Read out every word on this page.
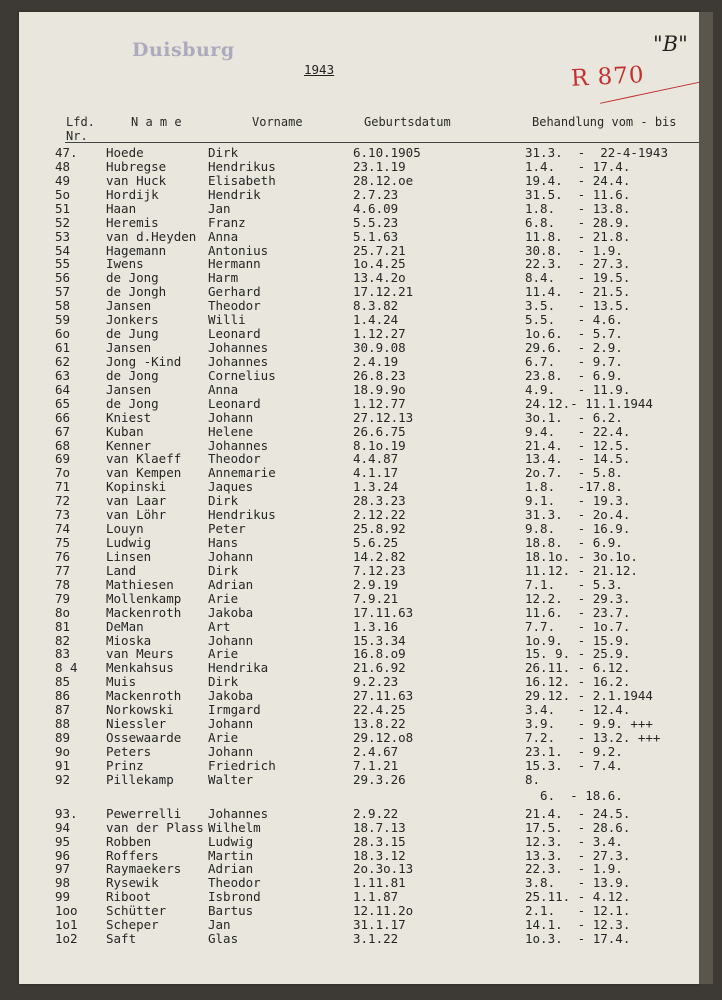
Duisburg
1943	R 870
"B"
Lfd.
Nr.
N a m e	Vorname	Geburtsdatum	Behandlung vom - bis
47. Hoede	Dirk	6.10.1905	31.3.  -  22-4-1943
48	Hubregse	Hendrikus	23.1.19	1.4.   - 17.4.
49	van Huck	Elisabeth	28.12.oe	19.4.  - 24.4.
5o	Hordijk	Hendrik	2.7.23	31.5.  - 11.6.
51	Haan	Jan	4.6.09	1.8.   - 13.8.
52	Heremis	Franz	5.5.23	6.8.   - 28.9.
53	van d.Heyden Anna	5.1.63	11.8.  - 21.8.
54	Hagemann	Antonius	25.7.21	30.8.  - 1.9.
55	Iwens	Hermann	1o.4.25	22.3.  - 27.3.
56	de Jong	Harm	13.4.2o	8.4.   - 19.5.
57	de Jongh	Gerhard	17.12.21	11.4.  - 21.5.
58	Jansen	Theodor	8.3.82	3.5.   - 13.5.
59	Jonkers	Willi	1.4.24	5.5.   - 4.6.
6o	de Jung	Leonard	1.12.27	1o.6.  - 5.7.
61	Jansen	Johannes	30.9.08	29.6.  - 2.9.
62	Jong -Kind Johannes	2.4.19	6.7.   - 9.7.
63	de Jong	Cornelius	26.8.23	23.8.  - 6.9.
64	Jansen	Anna	18.9.9o	4.9.   - 11.9.
65	de Jong	Leonard	1.12.77	24.12.- 11.1.1944
66	Kniest	Johann	27.12.13	3o.1.  - 6.2.
67	Kuban	Helene	26.6.75	9.4.   - 22.4.
68	Kenner	Johannes	8.1o.19	21.4.  - 12.5.
69	van Klaeff Theodor	4.4.87	13.4.  - 14.5.
7o	van Kempen Annemarie	4.1.17	2o.7.  - 5.8.
71	Kopinski	Jaques	1.3.24	1.8.   -17.8.
72	van Laar	Dirk	28.3.23	9.1.   - 19.3.
73	van Löhr	Hendrikus	2.12.22	31.3.  - 2o.4.
74	Louyn	Peter	25.8.92	9.8.   - 16.9.
75	Ludwig	Hans	5.6.25	18.8.  - 6.9.
76	Linsen	Johann	14.2.82	18.1o. - 3o.1o.
77	Land	Dirk	7.12.23	11.12. - 21.12.
78	Mathiesen	Adrian	2.9.19	7.1.   - 5.3.
79	Mollenkamp Arie	7.9.21	12.2.  - 29.3.
8o	Mackenroth Jakoba	17.11.63	11.6.  - 23.7.
81	DeMan	Art	1.3.16	7.7.   - 1o.7.
82	Mioska	Johann	15.3.34	1o.9.  - 15.9.
83	van Meurs	Arie	16.8.o9	15. 9. - 25.9.
8 4 Menkahsus	Hendrika	21.6.92	26.11. - 6.12.
85	Muis	Dirk	9.2.23	16.12. - 16.2.
86	Mackenroth Jakoba	27.11.63	29.12. - 2.1.1944
87	Norkowski	Irmgard	22.4.25	3.4.   - 12.4.
88	Niessler	Johann	13.8.22	3.9.   - 9.9. +++
89	Ossewaarde Arie	29.12.o8	7.2.   - 13.2. +++
9o	Peters	Johann	2.4.67	23.1.  - 9.2.
91	Prinz	Friedrich	7.1.21	15.3.  - 7.4.
92	Pillekamp	Walter	29.3.26	8.
6.  - 18.6.
93. Pewerrelli Johannes	2.9.22	21.4.  - 24.5.
94	van der Plass Wilhelm	18.7.13	17.5.  - 28.6.
95	Robben	Ludwig	28.3.15	12.3.  - 3.4.
96	Roffers	Martin	18.3.12	13.3.  - 27.3.
97	Raymaekers Adrian	2o.3o.13	22.3.  - 1.9.
98	Rysewik	Theodor	1.11.81	3.8.   - 13.9.
99	Riboot	Isbrond	1.1.87	25.11. - 4.12.
1oo Schütter	Bartus	12.11.2o	2.1.   - 12.1.
1o1 Scheper	Jan	31.1.17	14.1.  - 12.3.
1o2 Saft	Glas	3.1.22	1o.3.  - 17.4.
